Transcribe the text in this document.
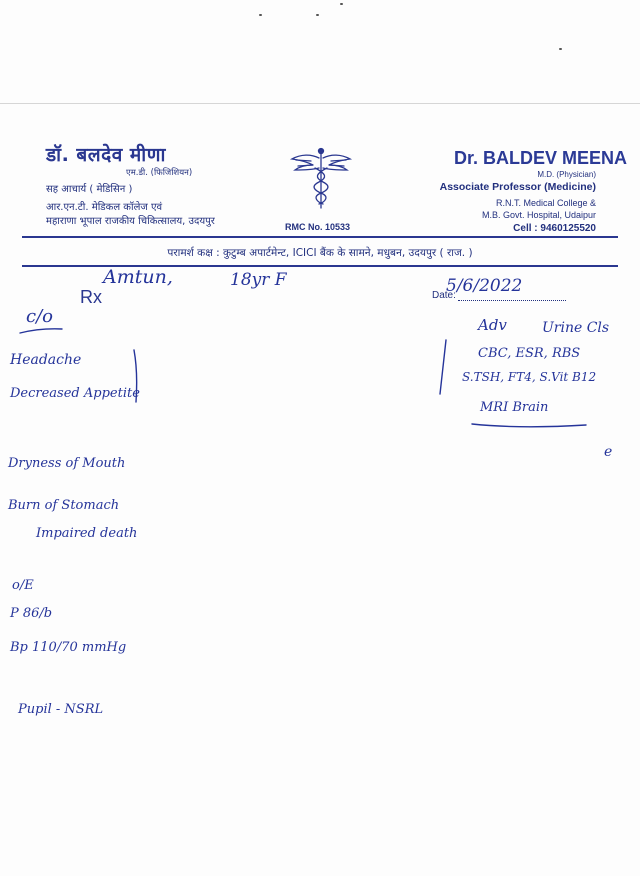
डॉ. बलदेव मीणा
एम.डी. (फिजिशियन)
सह आचार्य ( मेडिसिन )
आर.एन.टी. मेडिकल कॉलेज एवं
महाराणा भूपाल राजकीय चिकित्सालय, उदयपुर	RMC No. 10533
Dr. BALDEV MEENA
M.D. (Physician)
Associate Professor (Medicine)
R.N.T. Medical College &
M.B. Govt. Hospital, Udaipur
Cell : 9460125520
परामर्श कक्ष : कुटुम्ब अपार्टमेन्ट, ICICI बैंक के सामने, मधुबन, उदयपुर ( राज. )
Rx	Date:
Amtun,	18yr F	5/6/2022
c/o
Headache
Decreased Appetite
Dryness of Mouth
Burn of Stomach
Impaired death
o/E
P 86/b
Bp 110/70 mmHg
Pupil - NSRL
Adv	Urine Cls
CBC, ESR, RBS
S.TSH, FT4, S.Vit B12
MRI Brain
e
